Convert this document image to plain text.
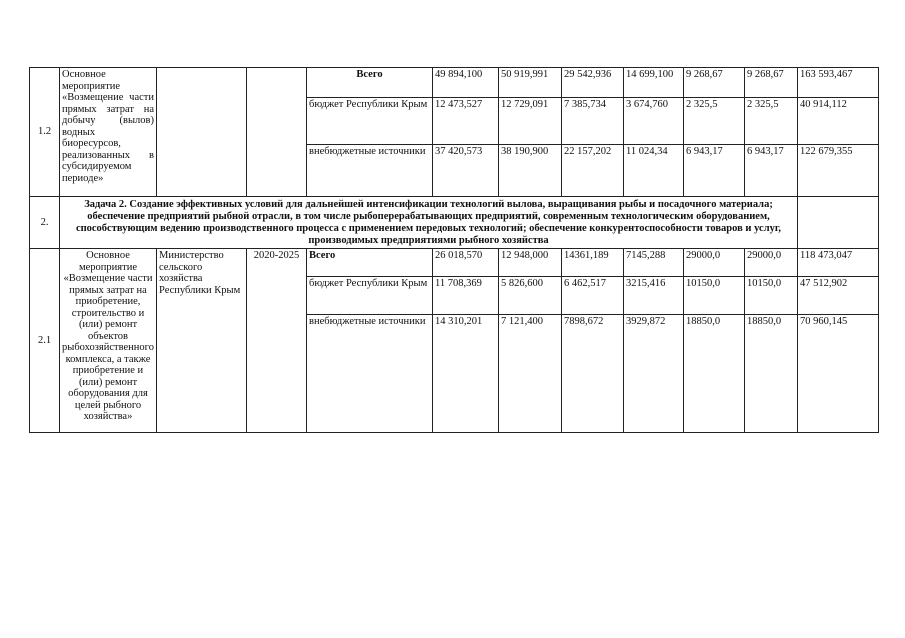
1.2	Основное мероприятие «Возмещение части прямых затрат на добычу (вылов) водных биоресурсов, реализованных в субсидируемом периоде»			Всего	49 894,100	50 919,991	29 542,936	14 699,100	9 268,67	9 268,67	163 593,467
				бюджет Республики Крым	12 473,527	12 729,091	7 385,734	3 674,760	2 325,5	2 325,5	40 914,112
				внебюджетные источники	37 420,573	38 190,900	22 157,202	11 024,34	6 943,17	6 943,17	122 679,355
2.	Задача 2. Создание эффективных условий для дальнейшей интенсификации технологий вылова, выращивания рыбы и посадочного материала; обеспечение предприятий рыбной отрасли, в том числе рыбоперерабатывающих предприятий, современным технологическим оборудованием, способствующим ведению производственного процесса с применением передовых технологий; обеспечение конкурентоспособности товаров и услуг, производимых предприятиями рыбного хозяйства										
2.1	Основное мероприятие «Возмещение части прямых затрат на приобретение, строительство и (или) ремонт объектов рыбохозяйственного комплекса, а также приобретение и (или) ремонт оборудования для целей рыбного хозяйства»	Министерство сельского хозяйства Республики Крым	2020-2025	Всего	26 018,570	12 948,000	14361,189	7145,288	29000,0	29000,0	118 473,047
				бюджет Республики Крым	11 708,369	5 826,600	6 462,517	3215,416	10150,0	10150,0	47 512,902
				внебюджетные источники	14 310,201	7 121,400	7898,672	3929,872	18850,0	18850,0	70 960,145
